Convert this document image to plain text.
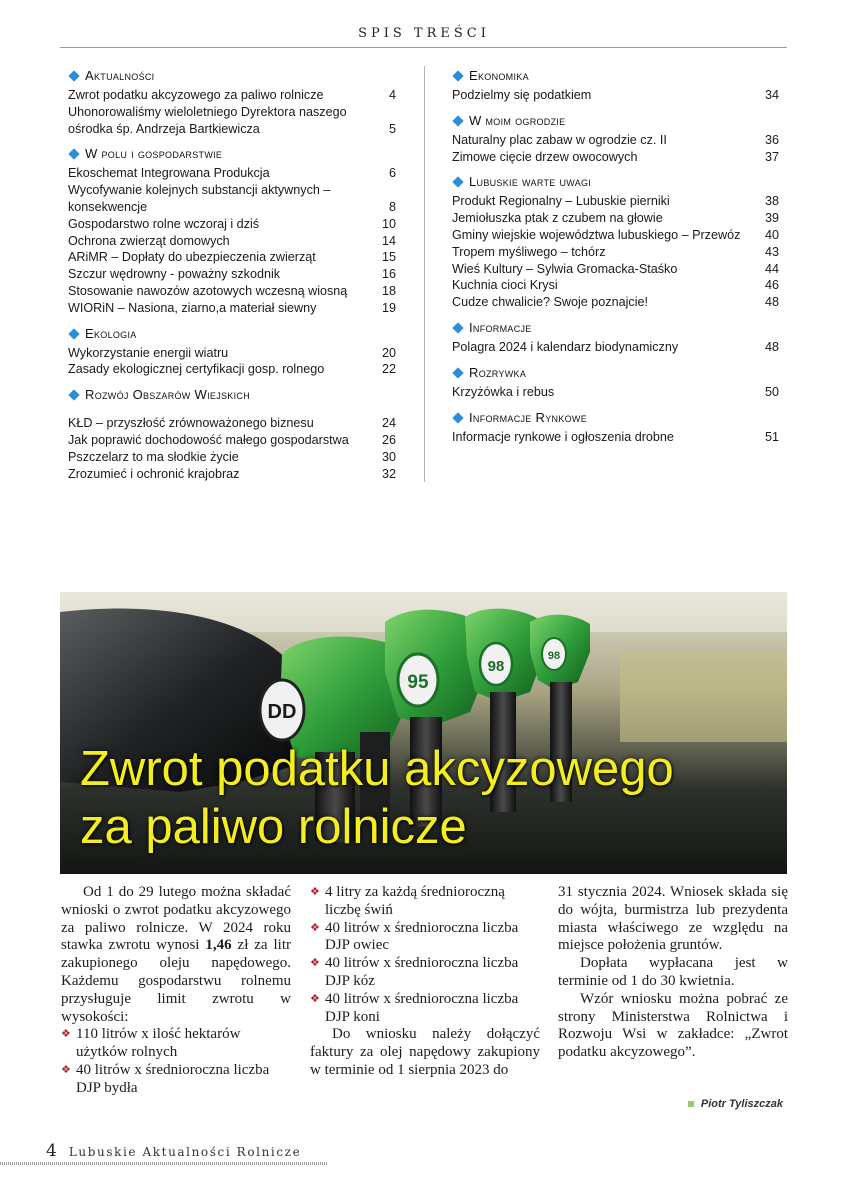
SPIS TREŚCI
Aktualności
Zwrot podatku akcyzowego za paliwo rolnicze	4
Uhonorowaliśmy wieloletniego Dyrektora naszego ośrodka śp. Andrzeja Bartkiewicza	5
W polu i gospodarstwie
Ekoschemat Integrowana Produkcja	6
Wycofywanie kolejnych substancji aktywnych – konsekwencje	8
Gospodarstwo rolne wczoraj i dziś	10
Ochrona zwierząt domowych	14
ARiMR – Dopłaty do ubezpieczenia zwierząt	15
Szczur wędrowny - poważny szkodnik	16
Stosowanie nawozów azotowych wczesną wiosną	18
WIORiN – Nasiona, ziarno,a materiał siewny	19
Ekologia
Wykorzystanie energii wiatru	20
Zasady ekologicznej certyfikacji gosp. rolnego	22
Rozwój Obszarów Wiejskich
KŁD – przyszłość zrównoważonego biznesu	24
Jak poprawić dochodowość małego gospodarstwa	26
Pszczelarz to ma słodkie życie	30
Zrozumieć i ochronić krajobraz	32
Ekonomika
Podzielmy się podatkiem	34
W moim ogrodzie
Naturalny plac zabaw w ogrodzie cz. II	36
Zimowe cięcie drzew owocowych	37
Lubuskie warte uwagi
Produkt Regionalny – Lubuskie pierniki	38
Jemiołuszka ptak z czubem na głowie	39
Gminy wiejskie województwa lubuskiego – Przewóz	40
Tropem myśliwego – tchórz	43
Wieś Kultury – Sylwia Gromacka-Staśko	44
Kuchnia cioci Krysi	46
Cudze chwalicie? Swoje poznajcie!	48
Informacje
Polagra 2024 i kalendarz biodynamiczny	48
Rozrywka
Krzyżówka i rebus	50
Informacje Rynkowe
Informacje rynkowe i ogłoszenia drobne	51
DD
95
98
98
Zwrot podatku akcyzowego
za paliwo rolnicze

Od 1 do 29 lutego można składać wnioski o zwrot podatku akcyzowego za paliwo rolnicze. W 2024 roku stawka zwrotu wynosi 1,46 zł za litr zakupionego oleju napędowego. Każdemu gospodarstwu rolnemu przysługuje limit zwrotu w wysokości:

❖ 110 litrów x ilość hektarów użytków rolnych
❖ 40 litrów x średnioroczna liczba DJP bydła
❖ 4 litry za każdą średnioroczną liczbę świń
❖ 40 litrów x średnioroczna liczba DJP owiec
❖ 40 litrów x średnioroczna liczba DJP kóz
❖ 40 litrów x średnioroczna liczba DJP koni

Do wniosku należy dołączyć faktury za olej napędowy zakupiony w terminie od 1 sierpnia 2023 do

31 stycznia 2024. Wniosek składa się do wójta, burmistrza lub prezydenta miasta właściwego ze względu na miejsce położenia gruntów.

Dopłata wypłacana jest w terminie od 1 do 30 kwietnia.

Wzór wniosku można pobrać ze strony Ministerstwa Rolnictwa i Rozwoju Wsi w zakładce: „Zwrot podatku akcyzowego”.

Piotr Tyliszczak
4 Lubuskie Aktualności Rolnicze
